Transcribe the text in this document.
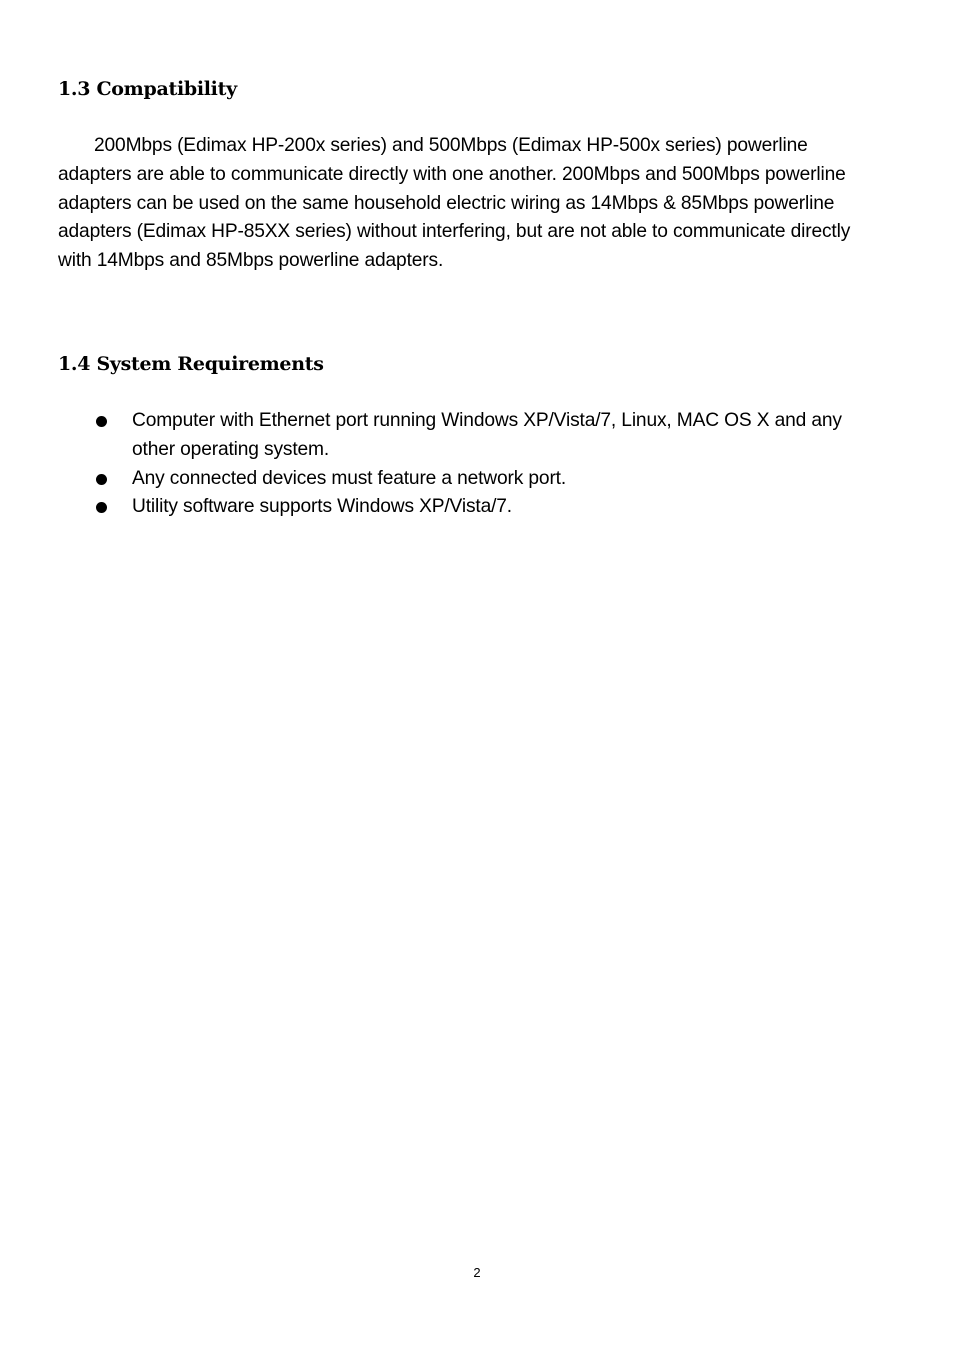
1.3 Compatibility

200Mbps (Edimax HP-200x series) and 500Mbps (Edimax HP-500x series) powerline adapters are able to communicate directly with one another. 200Mbps and 500Mbps powerline adapters can be used on the same household electric wiring as 14Mbps & 85Mbps powerline adapters (Edimax HP-85XX series) without interfering, but are not able to communicate directly with 14Mbps and 85Mbps powerline adapters.

1.4 System Requirements
Computer with Ethernet port running Windows XP/Vista/7, Linux, MAC OS X and any other operating system.
Any connected devices must feature a network port.
Utility software supports Windows XP/Vista/7.
2
